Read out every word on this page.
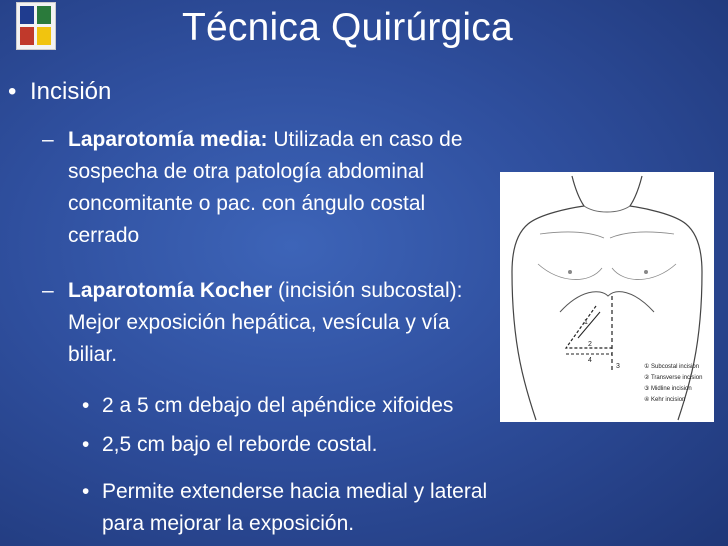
Técnica Quirúrgica
• Incisión
– Laparotomía media: Utilizada en caso de sospecha de otra patología abdominal concomitante o pac. con ángulo costal cerrado
– Laparotomía Kocher (incisión subcostal): Mejor exposición hepática, vesícula y vía biliar.
• 2 a 5 cm debajo del apéndice xifoides
• 2,5 cm bajo el reborde costal.
• Permite extenderse hacia medial y lateral para mejorar la exposición.
1
2
3
4
① Subcostal incision
② Transverse incision
③ Midline incision
④ Kehr incision
